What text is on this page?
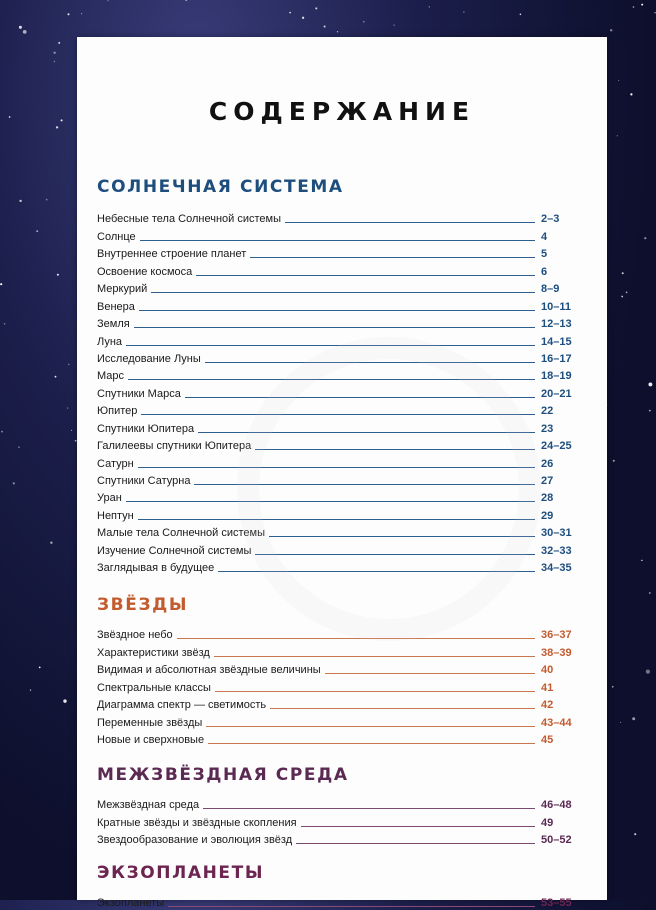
СОДЕРЖАНИЕ
СОЛНЕЧНАЯ СИСТЕМА
Небесные тела Солнечной системы	2–3
Солнце	4
Внутреннее строение планет	5
Освоение космоса	6
Меркурий	8–9
Венера	10–11
Земля	12–13
Луна	14–15
Исследование Луны	16–17
Марс	18–19
Спутники Марса	20–21
Юпитер	22
Спутники Юпитера	23
Галилеевы спутники Юпитера	24–25
Сатурн	26
Спутники Сатурна	27
Уран	28
Нептун	29
Малые тела Солнечной системы	30–31
Изучение Солнечной системы	32–33
Заглядывая в будущее	34–35
ЗВЁЗДЫ
Звёздное небо	36–37
Характеристики звёзд	38–39
Видимая и абсолютная звёздные величины	40
Спектральные классы	41
Диаграмма спектр — светимость	42
Переменные звёзды	43–44
Новые и сверхновые	45
МЕЖЗВЁЗДНАЯ СРЕДА
Межзвёздная среда	46–48
Кратные звёзды и звёздные скопления	49
Звездообразование и эволюция звёзд	50–52
ЭКЗОПЛАНЕТЫ
Экзопланеты	53–55
